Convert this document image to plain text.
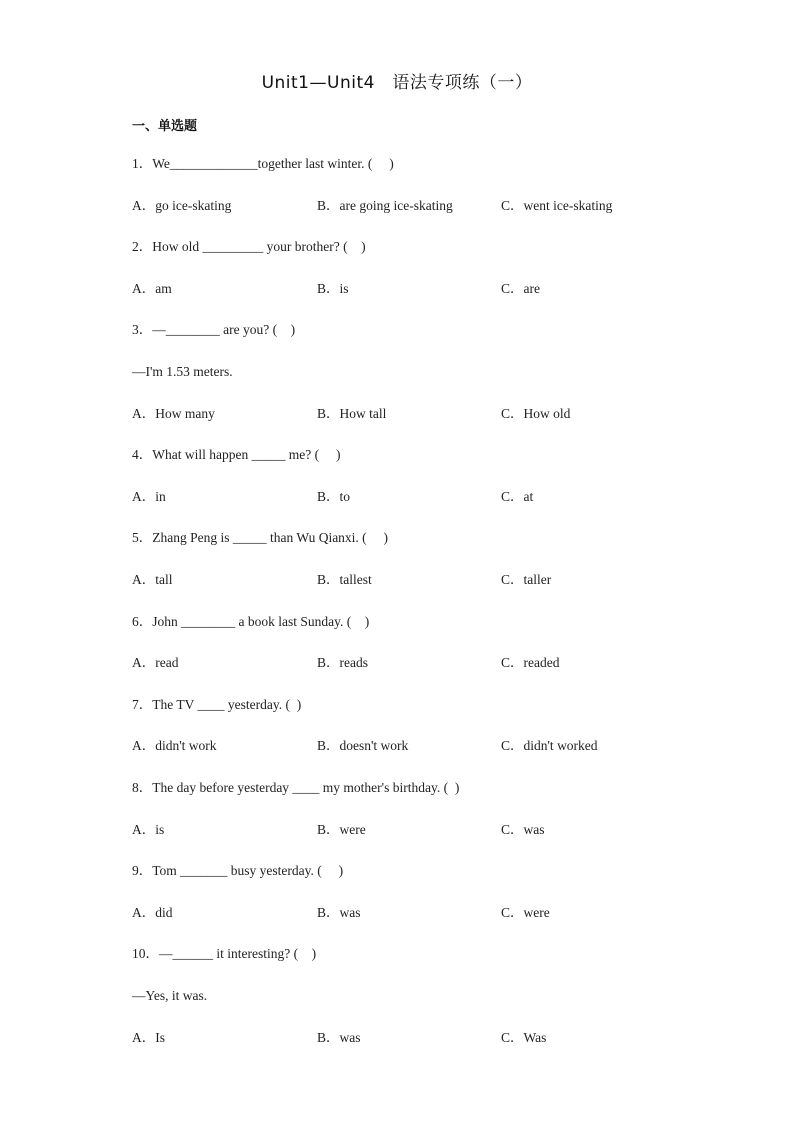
Unit1—Unit4　语法专项练（一）
一、单选题
1．We_____________together last winter. (　 )
A．go ice-skating	B．are going ice-skating	C．went ice-skating
2．How old _________ your brother? (　)
A．am	B．is	C．are
3．—________ are you? (　)
—I'm 1.53 meters.
A．How many	B．How tall	C．How old
4．What will happen _____ me? (　 )
A．in	B．to	C．at
5．Zhang Peng is _____ than Wu Qianxi. (　 )
A．tall	B．tallest	C．taller
6．John ________ a book last Sunday. (　)
A．read	B．reads	C．readed
7．The TV ____ yesterday. (  )
A．didn't work	B．doesn't work	C．didn't worked
8．The day before yesterday ____ my mother's birthday. (  )
A．is	B．were	C．was
9．Tom _______ busy yesterday. (　 )
A．did	B．was	C．were
10．—______ it interesting? (　)
—Yes, it was.
A．Is	B．was	C．Was
